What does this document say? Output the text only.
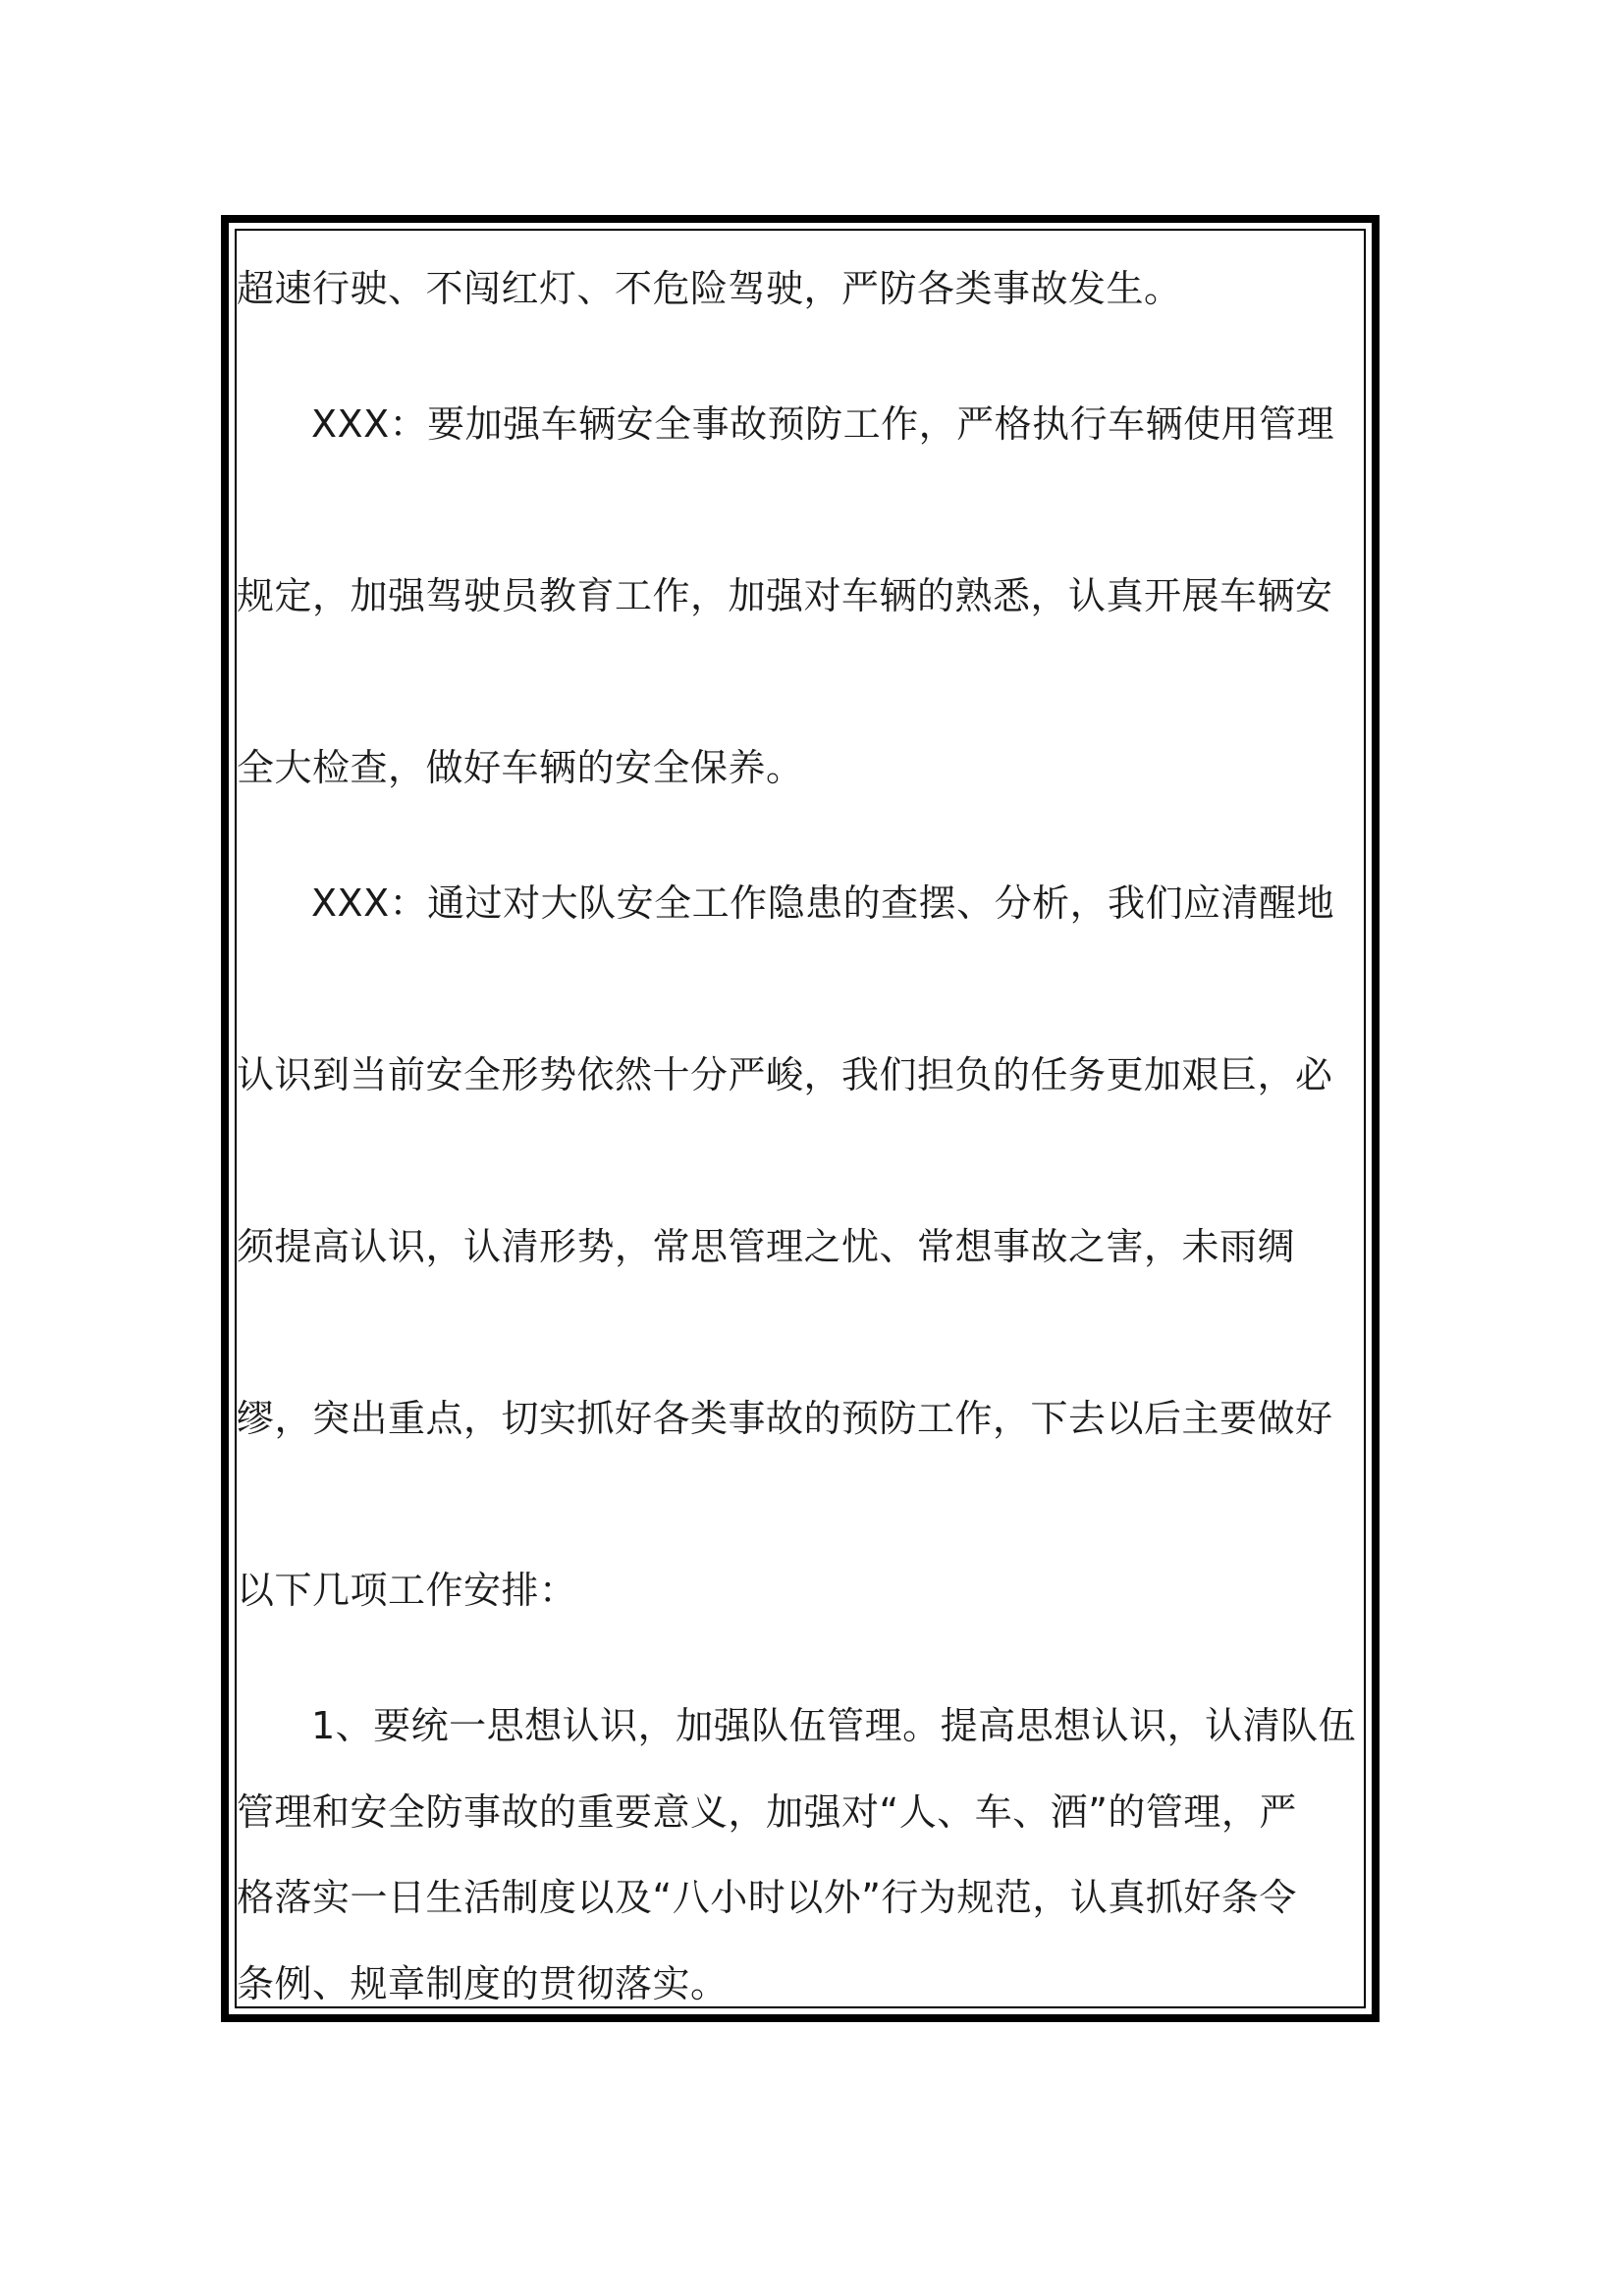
超速行驶、不闯红灯、不危险驾驶，严防各类事故发生。
XXX：要加强车辆安全事故预防工作，严格执行车辆使用管理
规定，加强驾驶员教育工作，加强对车辆的熟悉，认真开展车辆安
全大检查，做好车辆的安全保养。
XXX：通过对大队安全工作隐患的查摆、分析，我们应清醒地
认识到当前安全形势依然十分严峻，我们担负的任务更加艰巨，必
须提高认识，认清形势，常思管理之忧、常想事故之害，未雨绸
缪，突出重点，切实抓好各类事故的预防工作，下去以后主要做好
以下几项工作安排：
1、要统一思想认识，加强队伍管理。提高思想认识，认清队伍
管理和安全防事故的重要意义，加强对“人、车、酒”的管理，严
格落实一日生活制度以及“八小时以外”行为规范，认真抓好条令
条例、规章制度的贯彻落实。
